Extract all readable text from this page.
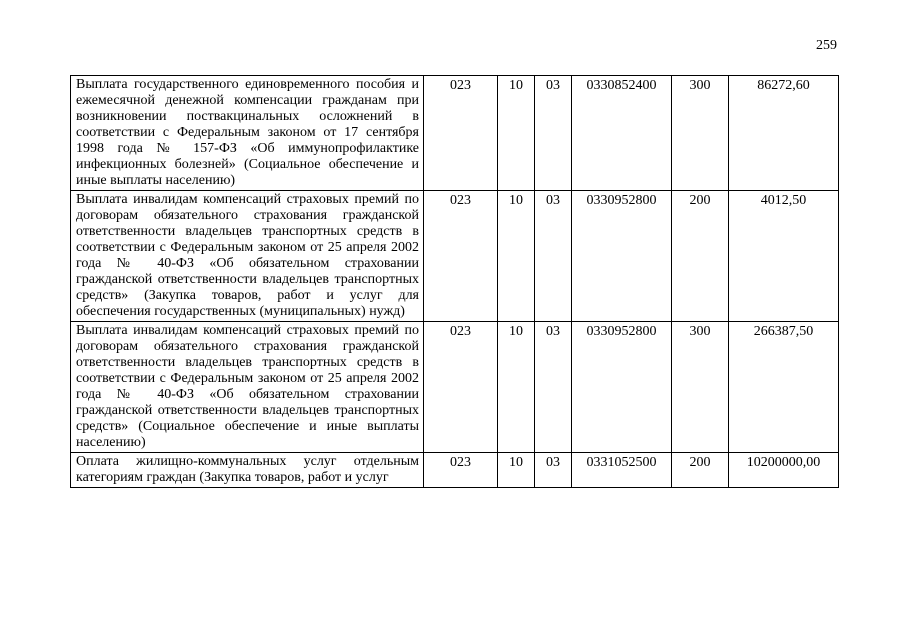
259
Выплата государственного единовременного пособия и ежемесячной денежной компенсации гражданам при возникновении поствакцинальных осложнений в соответствии с Федеральным законом от 17 сентября 1998 года № 157-ФЗ «Об иммунопрофилактике инфекционных болезней» (Социальное обеспечение и иные выплаты населению)	023	10	03	0330852400	300	86272,60
Выплата инвалидам компенсаций страховых премий по договорам обязательного страхования гражданской ответственности владельцев транспортных средств в соответствии с Федеральным законом от 25 апреля 2002 года № 40-ФЗ «Об обязательном страховании гражданской ответственности владельцев транспортных средств» (Закупка товаров, работ и услуг для обеспечения государственных (муниципальных) нужд)	023	10	03	0330952800	200	4012,50
Выплата инвалидам компенсаций страховых премий по договорам обязательного страхования гражданской ответственности владельцев транспортных средств в соответствии с Федеральным законом от 25 апреля 2002 года № 40-ФЗ «Об обязательном страховании гражданской ответственности владельцев транспортных средств» (Социальное обеспечение и иные выплаты населению)	023	10	03	0330952800	300	266387,50
Оплата жилищно-коммунальных услуг отдельным категориям граждан (Закупка товаров, работ и услуг	023	10	03	0331052500	200	10200000,00
